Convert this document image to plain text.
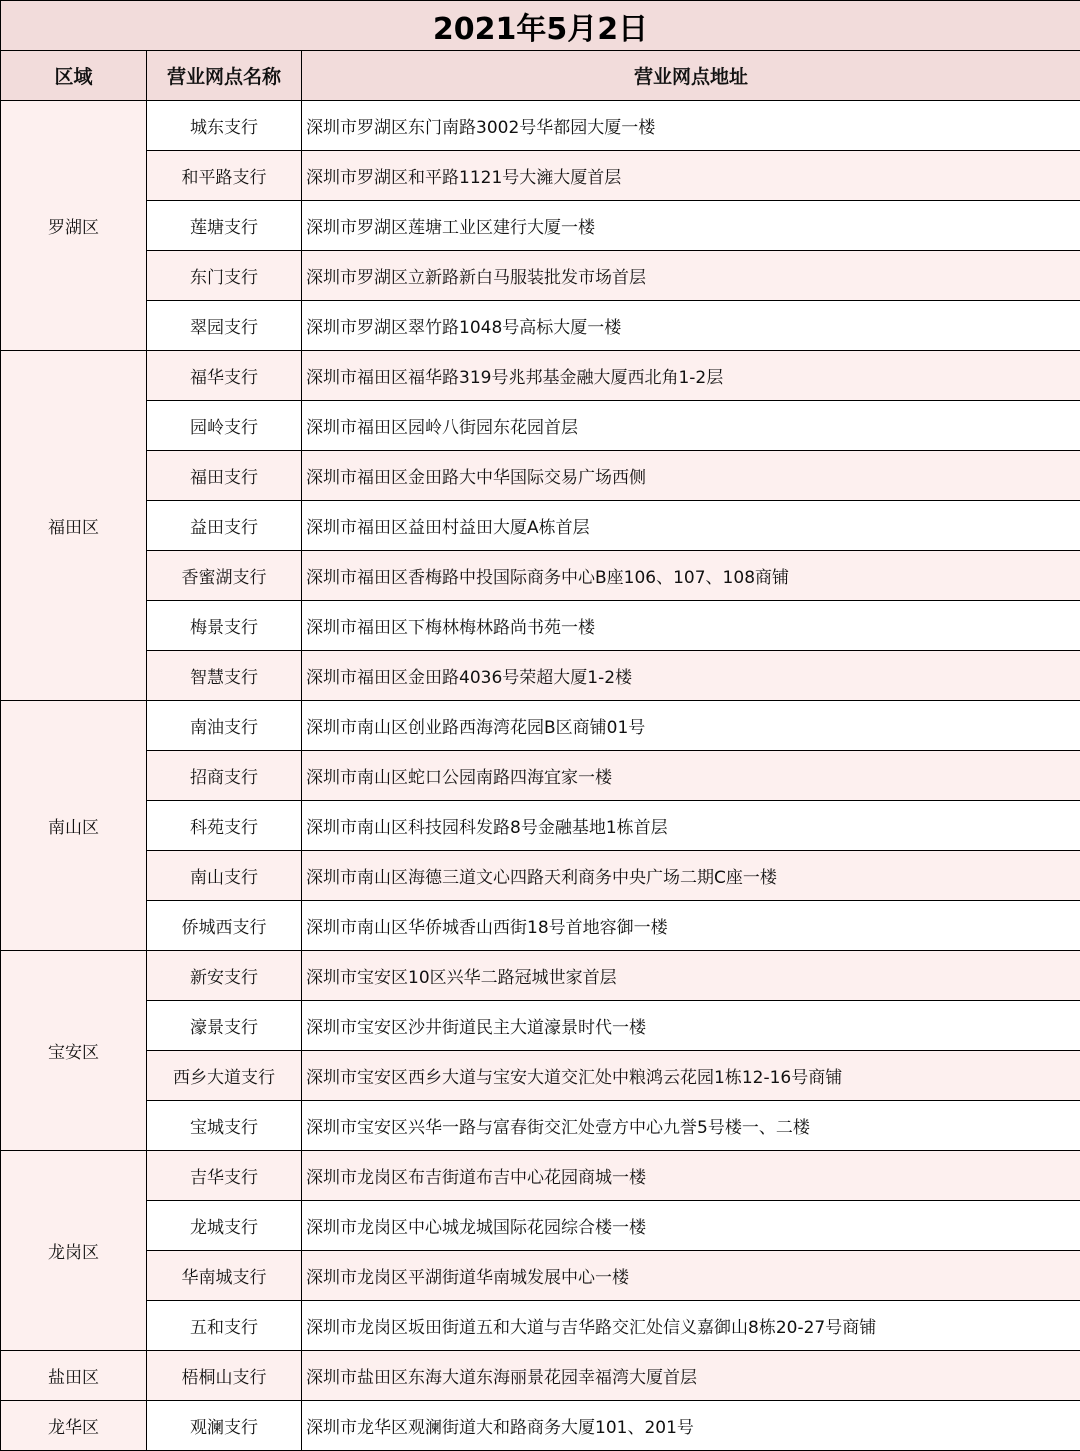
2021年5月2日		
区域	营业网点名称	营业网点地址
罗湖区	城东支行	深圳市罗湖区东门南路3002号华都园大厦一楼
	和平路支行	深圳市罗湖区和平路1121号大澭大厦首层
	莲塘支行	深圳市罗湖区莲塘工业区建行大厦一楼
	东门支行	深圳市罗湖区立新路新白马服装批发市场首层
	翠园支行	深圳市罗湖区翠竹路1048号高标大厦一楼
福田区	福华支行	深圳市福田区福华路319号兆邦基金融大厦西北角1-2层
	园岭支行	深圳市福田区园岭八街园东花园首层
	福田支行	深圳市福田区金田路大中华国际交易广场西侧
	益田支行	深圳市福田区益田村益田大厦A栋首层
	香蜜湖支行	深圳市福田区香梅路中投国际商务中心B座106、107、108商铺
	梅景支行	深圳市福田区下梅林梅林路尚书苑一楼
	智慧支行	深圳市福田区金田路4036号荣超大厦1-2楼
南山区	南油支行	深圳市南山区创业路西海湾花园B区商铺01号
	招商支行	深圳市南山区蛇口公园南路四海宜家一楼
	科苑支行	深圳市南山区科技园科发路8号金融基地1栋首层
	南山支行	深圳市南山区海德三道文心四路天利商务中央广场二期C座一楼
	侨城西支行	深圳市南山区华侨城香山西街18号首地容御一楼
宝安区	新安支行	深圳市宝安区10区兴华二路冠城世家首层
	濠景支行	深圳市宝安区沙井街道民主大道濠景时代一楼
	西乡大道支行	深圳市宝安区西乡大道与宝安大道交汇处中粮鸿云花园1栋12-16号商铺
	宝城支行	深圳市宝安区兴华一路与富春街交汇处壹方中心九誉5号楼一、二楼
龙岗区	吉华支行	深圳市龙岗区布吉街道布吉中心花园商城一楼
	龙城支行	深圳市龙岗区中心城龙城国际花园综合楼一楼
	华南城支行	深圳市龙岗区平湖街道华南城发展中心一楼
	五和支行	深圳市龙岗区坂田街道五和大道与吉华路交汇处信义嘉御山8栋20-27号商铺
盐田区	梧桐山支行	深圳市盐田区东海大道东海丽景花园幸福湾大厦首层
龙华区	观澜支行	深圳市龙华区观澜街道大和路商务大厦101、201号
